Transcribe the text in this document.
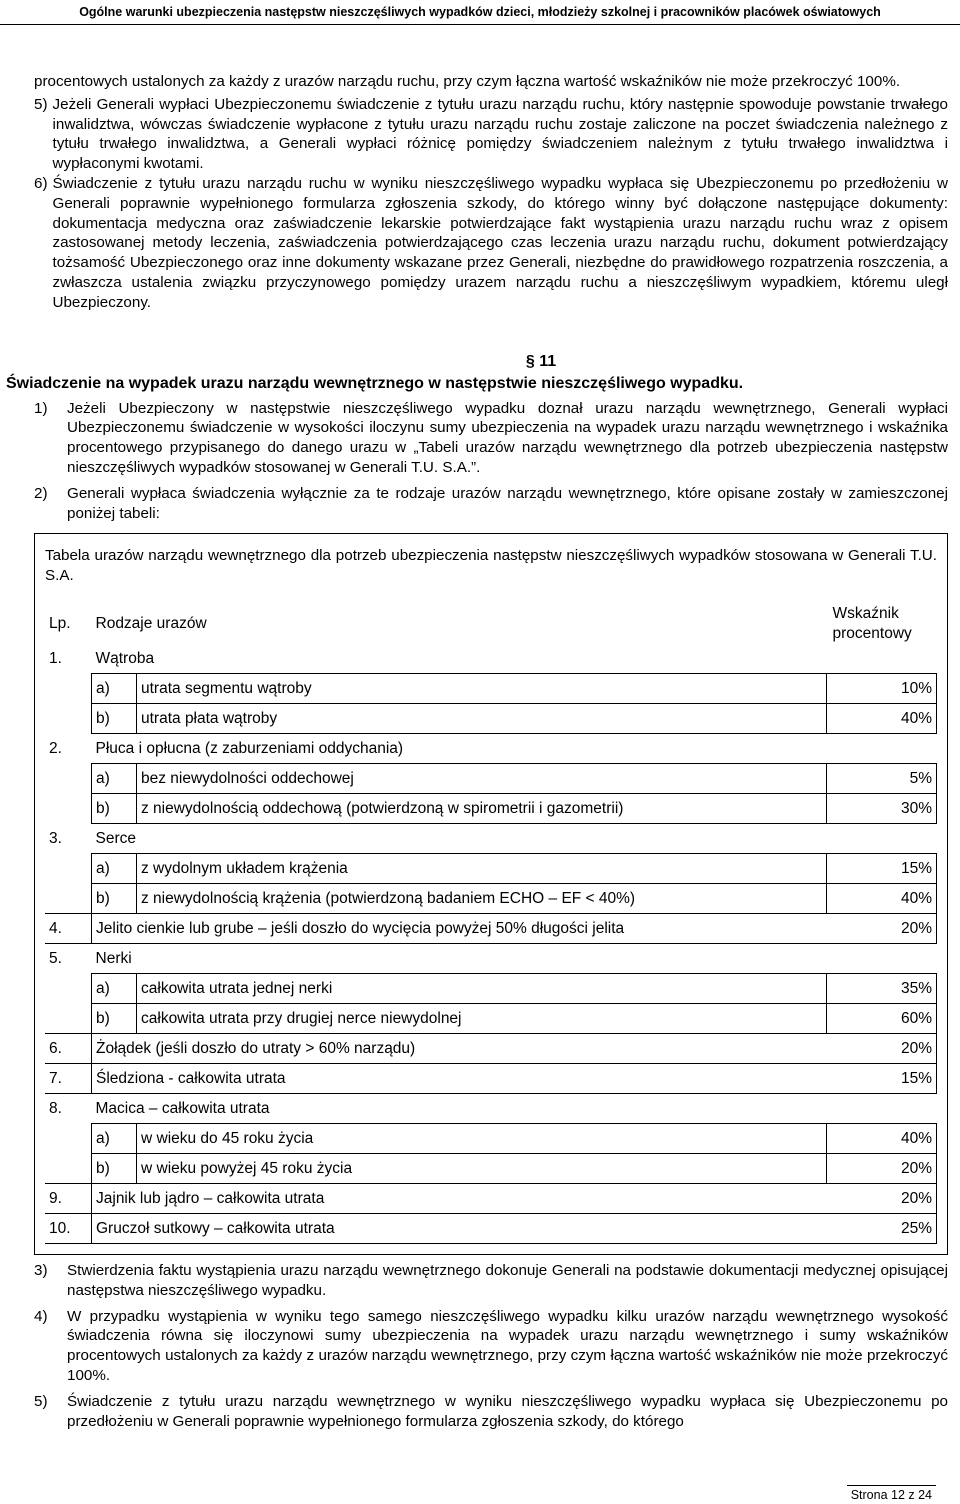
Ogólne warunki ubezpieczenia następstw nieszczęśliwych wypadków dzieci, młodzieży szkolnej i pracowników placówek oświatowych

procentowych ustalonych za każdy z urazów narządu ruchu, przy czym łączna wartość wskaźników nie może przekroczyć 100%.

5) Jeżeli Generali wypłaci Ubezpieczonemu świadczenie z tytułu urazu narządu ruchu, który następnie spowoduje powstanie trwałego inwalidztwa, wówczas świadczenie wypłacone z tytułu urazu narządu ruchu zostaje zaliczone na poczet świadczenia należnego z tytułu trwałego inwalidztwa, a Generali wypłaci różnicę pomiędzy świadczeniem należnym z tytułu trwałego inwalidztwa i wypłaconymi kwotami.
6) Świadczenie z tytułu urazu narządu ruchu w wyniku nieszczęśliwego wypadku wypłaca się Ubezpieczonemu po przedłożeniu w Generali poprawnie wypełnionego formularza zgłoszenia szkody, do którego winny być dołączone następujące dokumenty: dokumentacja medyczna oraz zaświadczenie lekarskie potwierdzające fakt wystąpienia urazu narządu ruchu wraz z opisem zastosowanej metody leczenia, zaświadczenia potwierdzającego czas leczenia urazu narządu ruchu, dokument potwierdzający tożsamość Ubezpieczonego oraz inne dokumenty wskazane przez Generali, niezbędne do prawidłowego rozpatrzenia roszczenia, a zwłaszcza ustalenia związku przyczynowego pomiędzy urazem narządu ruchu a nieszczęśliwym wypadkiem, któremu uległ Ubezpieczony.
§ 11
Świadczenie na wypadek urazu narządu wewnętrznego w następstwie nieszczęśliwego wypadku.
1)	Jeżeli Ubezpieczony w następstwie nieszczęśliwego wypadku doznał urazu narządu wewnętrznego, Generali wypłaci Ubezpieczonemu świadczenie w wysokości iloczynu sumy ubezpieczenia na wypadek urazu narządu wewnętrznego i wskaźnika procentowego przypisanego do danego urazu w „Tabeli urazów narządu wewnętrznego dla potrzeb ubezpieczenia następstw nieszczęśliwych wypadków stosowanej w Generali T.U. S.A.”.
2)	Generali wypłaca świadczenia wyłącznie za te rodzaje urazów narządu wewnętrznego, które opisane zostały w zamieszczonej poniżej tabeli:
Tabela urazów narządu wewnętrznego dla potrzeb ubezpieczenia następstw nieszczęśliwych wypadków stosowana w Generali T.U. S.A.
Lp.	Rodzaje urazów		Wskaźnik procentowy
1.	Wątroba		
	a)	utrata segmentu wątroby	10%
	b)	utrata płata wątroby	40%
2.	Płuca i opłucna (z zaburzeniami oddychania)		
	a)	bez niewydolności oddechowej	5%
	b)	z niewydolnością oddechową (potwierdzoną w spirometrii i gazometrii)	30%
3.	Serce		
	a)	z wydolnym układem krążenia	15%
	b)	z niewydolnością krążenia (potwierdzoną badaniem ECHO – EF < 40%)	40%
4.	Jelito cienkie lub grube – jeśli doszło do wycięcia powyżej 50% długości jelita		20%
5.	Nerki		
	a)	całkowita utrata jednej nerki	35%
	b)	całkowita utrata przy drugiej nerce niewydolnej	60%
6.	Żołądek (jeśli doszło do utraty > 60% narządu)		20%
7.	Śledziona - całkowita utrata		15%
8.	Macica – całkowita utrata		
	a)	w wieku do 45 roku życia	40%
	b)	w wieku powyżej 45 roku życia	20%
9.	Jajnik lub jądro – całkowita utrata		20%
10.	Gruczoł sutkowy – całkowita utrata		25%
3)	Stwierdzenia faktu wystąpienia urazu narządu wewnętrznego dokonuje Generali na podstawie dokumentacji medycznej opisującej następstwa nieszczęśliwego wypadku.
4)	W przypadku wystąpienia w wyniku tego samego nieszczęśliwego wypadku kilku urazów narządu wewnętrznego wysokość świadczenia równa się iloczynowi sumy ubezpieczenia na wypadek urazu narządu wewnętrznego i sumy wskaźników procentowych ustalonych za każdy z urazów narządu wewnętrznego, przy czym łączna wartość wskaźników nie może przekroczyć 100%.
5)	Świadczenie z tytułu urazu narządu wewnętrznego w wyniku nieszczęśliwego wypadku wypłaca się Ubezpieczonemu po przedłożeniu w Generali poprawnie wypełnionego formularza zgłoszenia szkody, do którego
Strona 12 z 24
